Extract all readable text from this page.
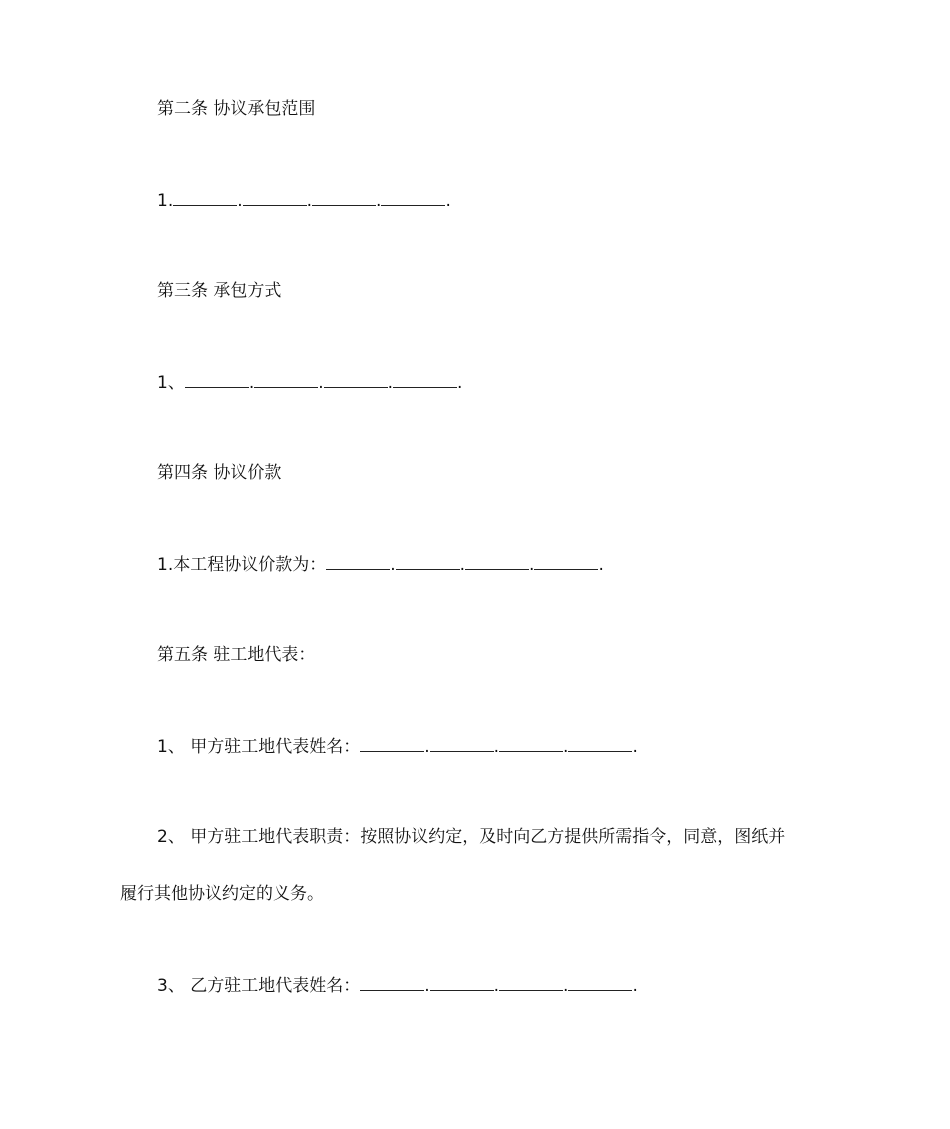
第二条 协议承包范围
1.	.	.	.	.
第三条 承包方式
1、	.	.	.	.
第四条 协议价款
1.本工程协议价款为：	.	.	.	.
第五条 驻工地代表：
1、 甲方驻工地代表姓名：	.	.	.	.
2、 甲方驻工地代表职责：按照协议约定，及时向乙方提供所需指令，同意，图纸并
履行其他协议约定的义务。
3、 乙方驻工地代表姓名：	.	.	.	.
